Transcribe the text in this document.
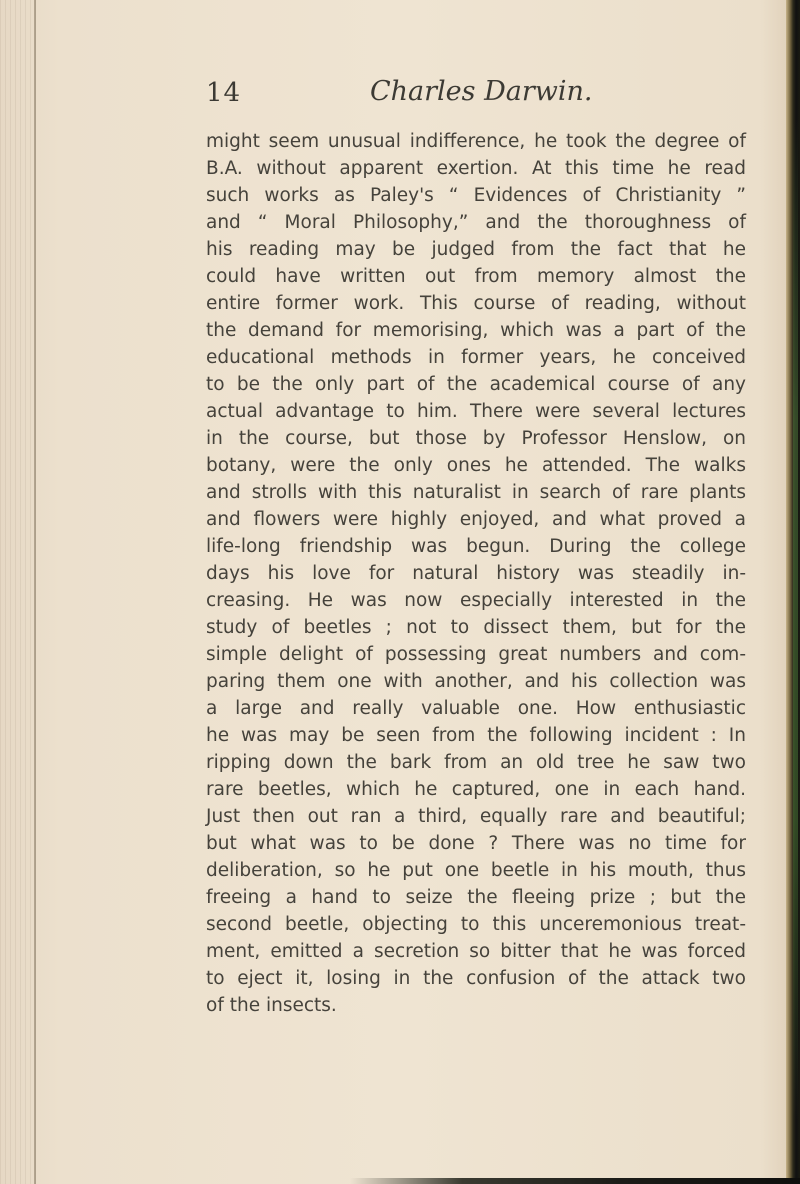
14	Charles Darwin.
might seem unusual indifference, he took the degree of
B.A. without apparent exertion. At this time he read
such works as Paley's “ Evidences of Christianity ”
and “ Moral Philosophy,” and the thoroughness of
his reading may be judged from the fact that he
could have written out from memory almost the
entire former work. This course of reading, without
the demand for memorising, which was a part of the
educational methods in former years, he conceived
to be the only part of the academical course of any
actual advantage to him. There were several lectures
in the course, but those by Professor Henslow, on
botany, were the only ones he attended. The walks
and strolls with this naturalist in search of rare plants
and flowers were highly enjoyed, and what proved a
life-long friendship was begun. During the college
days his love for natural history was steadily in-
creasing. He was now especially interested in the
study of beetles ; not to dissect them, but for the
simple delight of possessing great numbers and com-
paring them one with another, and his collection was
a large and really valuable one. How enthusiastic
he was may be seen from the following incident : In
ripping down the bark from an old tree he saw two
rare beetles, which he captured, one in each hand.
Just then out ran a third, equally rare and beautiful;
but what was to be done ? There was no time for
deliberation, so he put one beetle in his mouth, thus
freeing a hand to seize the fleeing prize ; but the
second beetle, objecting to this unceremonious treat-
ment, emitted a secretion so bitter that he was forced
to eject it, losing in the confusion of the attack two
of the insects.
